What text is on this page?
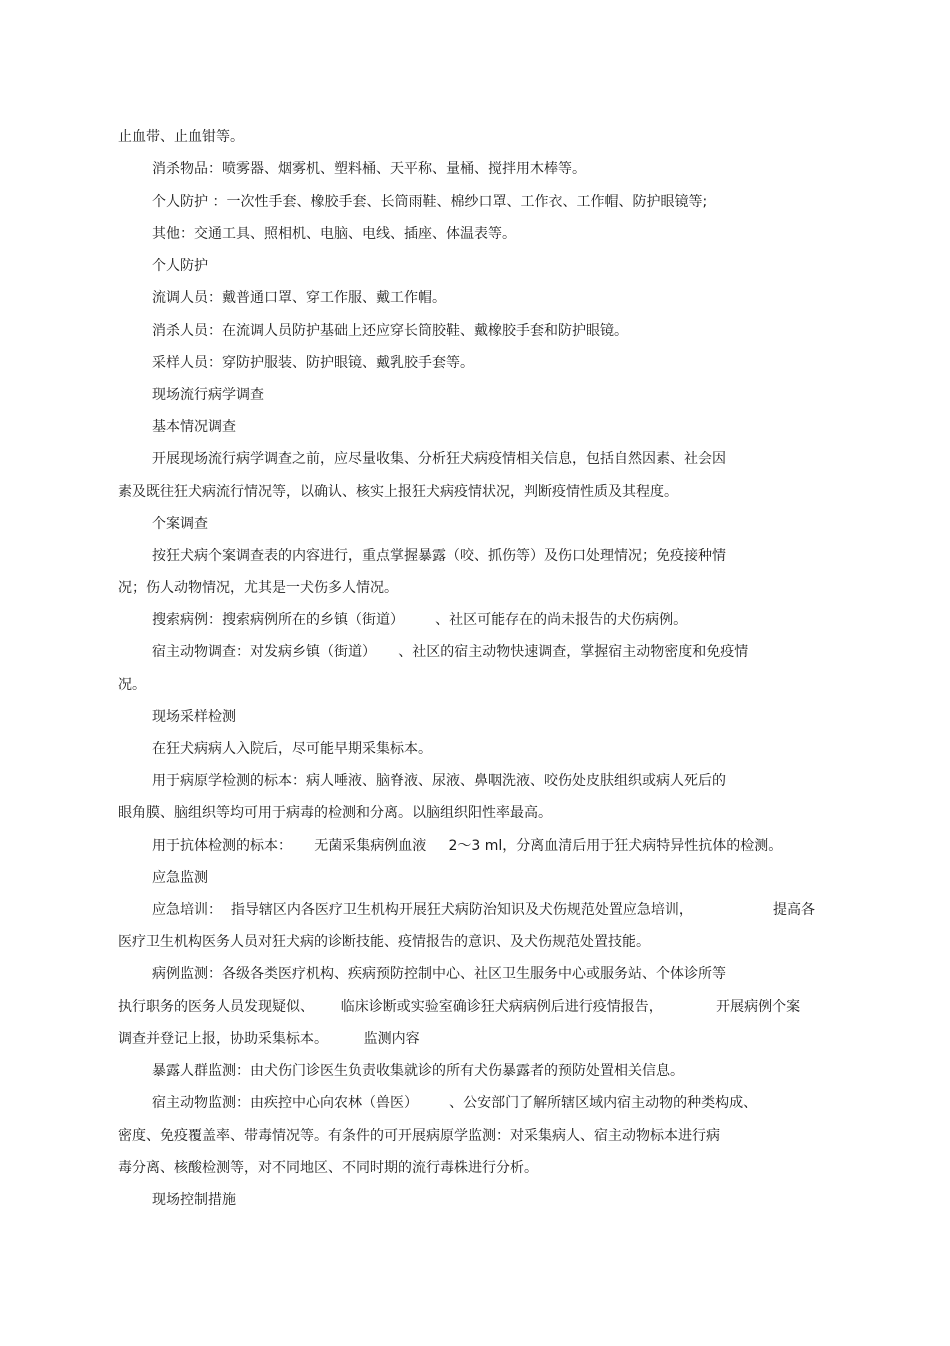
止血带、止血钳等。
消杀物品：喷雾器、烟雾机、塑料桶、天平称、量桶、搅拌用木棒等。
个人防护 ：一次性手套、橡胶手套、长筒雨鞋、棉纱口罩、工作衣、工作帽、防护眼镜等;
其他：交通工具、照相机、电脑、电线、插座、体温表等。
个人防护
流调人员：戴普通口罩、穿工作服、戴工作帽。
消杀人员：在流调人员防护基础上还应穿长筒胶鞋、戴橡胶手套和防护眼镜。
采样人员：穿防护服装、防护眼镜、戴乳胶手套等。
现场流行病学调查
基本情况调查
开展现场流行病学调查之前，应尽量收集、分析狂犬病疫情相关信息，包括自然因素、社会因
素及既往狂犬病流行情况等，以确认、核实上报狂犬病疫情状况，判断疫情性质及其程度。
个案调查
按狂犬病个案调查表的内容进行，重点掌握暴露（咬、抓伤等）及伤口处理情况；免疫接种情
况；伤人动物情况，尤其是一犬伤多人情况。
搜索病例：搜索病例所在的乡镇（街道）       、社区可能存在的尚未报告的犬伤病例。
宿主动物调查：对发病乡镇（街道）     、社区的宿主动物快速调查，掌握宿主动物密度和免疫情
况。
现场采样检测
在狂犬病病人入院后，尽可能早期采集标本。
用于病原学检测的标本：病人唾液、脑脊液、尿液、鼻咽洗液、咬伤处皮肤组织或病人死后的
眼角膜、脑组织等均可用于病毒的检测和分离。以脑组织阳性率最高。
用于抗体检测的标本：     无菌采集病例血液     2～3 ml，分离血清后用于狂犬病特异性抗体的检测。
应急监测
应急培训：  指导辖区内各医疗卫生机构开展狂犬病防治知识及犬伤规范处置应急培训，                  提高各
医疗卫生机构医务人员对狂犬病的诊断技能、疫情报告的意识、及犬伤规范处置技能。
病例监测：各级各类医疗机构、疾病预防控制中心、社区卫生服务中心或服务站、个体诊所等
执行职务的医务人员发现疑似、      临床诊断或实验室确诊狂犬病病例后进行疫情报告，            开展病例个案
调查并登记上报，协助采集标本。        监测内容
暴露人群监测：由犬伤门诊医生负责收集就诊的所有犬伤暴露者的预防处置相关信息。
宿主动物监测：由疾控中心向农林（兽医）       、公安部门了解所辖区域内宿主动物的种类构成、
密度、免疫覆盖率、带毒情况等。有条件的可开展病原学监测：对采集病人、宿主动物标本进行病
毒分离、核酸检测等，对不同地区、不同时期的流行毒株进行分析。
现场控制措施
